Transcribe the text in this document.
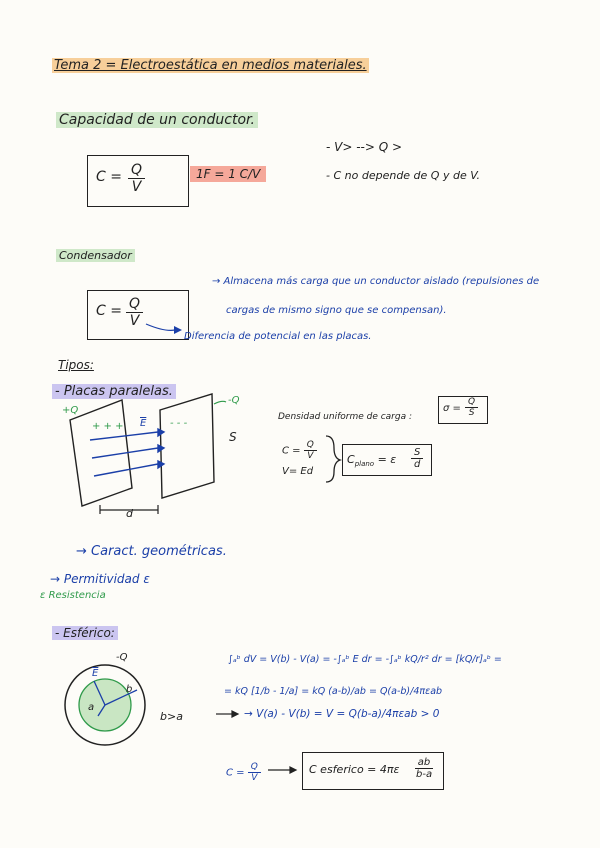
Tema 2 = Electroestática en medios materiales.
Capacidad de un conductor.
$C = \frac{Q}{V}$	1F = 1 C/V
- V> --> Q >
- C no depende de Q y de V.
Condensador
→ Almacena más carga que un conductor aislado (repulsiones de
cargas de mismo signo que se compensan).
$C = \frac{Q}{V}$
Diferencia de potencial en las placas.
Tipos:
- Placas paralelas.
+Q
-Q
+ + +	- - -
$\overline{E}$
S
d
Densidad uniforme de carga :
$\sigma = \frac{Q}{S}$
$C = \frac{Q}{V}$
V= Ed
$C_{plano} = \varepsilon \frac{S}{d}$
→ Caract. geométricas.
→ Permitividad ε
ε Resistencia
- Esférico:
-Q
$\overline{E}$
b
a
b>a
∫ₐᵇ dV = V(b) - V(a) = -∫ₐᵇ E dr = -∫ₐᵇ kQ/r² dr = [kQ/r]ₐᵇ =
= kQ [1/b - 1/a] = kQ (a-b)/ab = Q(a-b)/4πεab
→ V(a) - V(b) = V = Q(b-a)/4πεab > 0
$C = \frac{Q}{V}$	C esferico = $4\pi\varepsilon \frac{ab}{b-a}$
